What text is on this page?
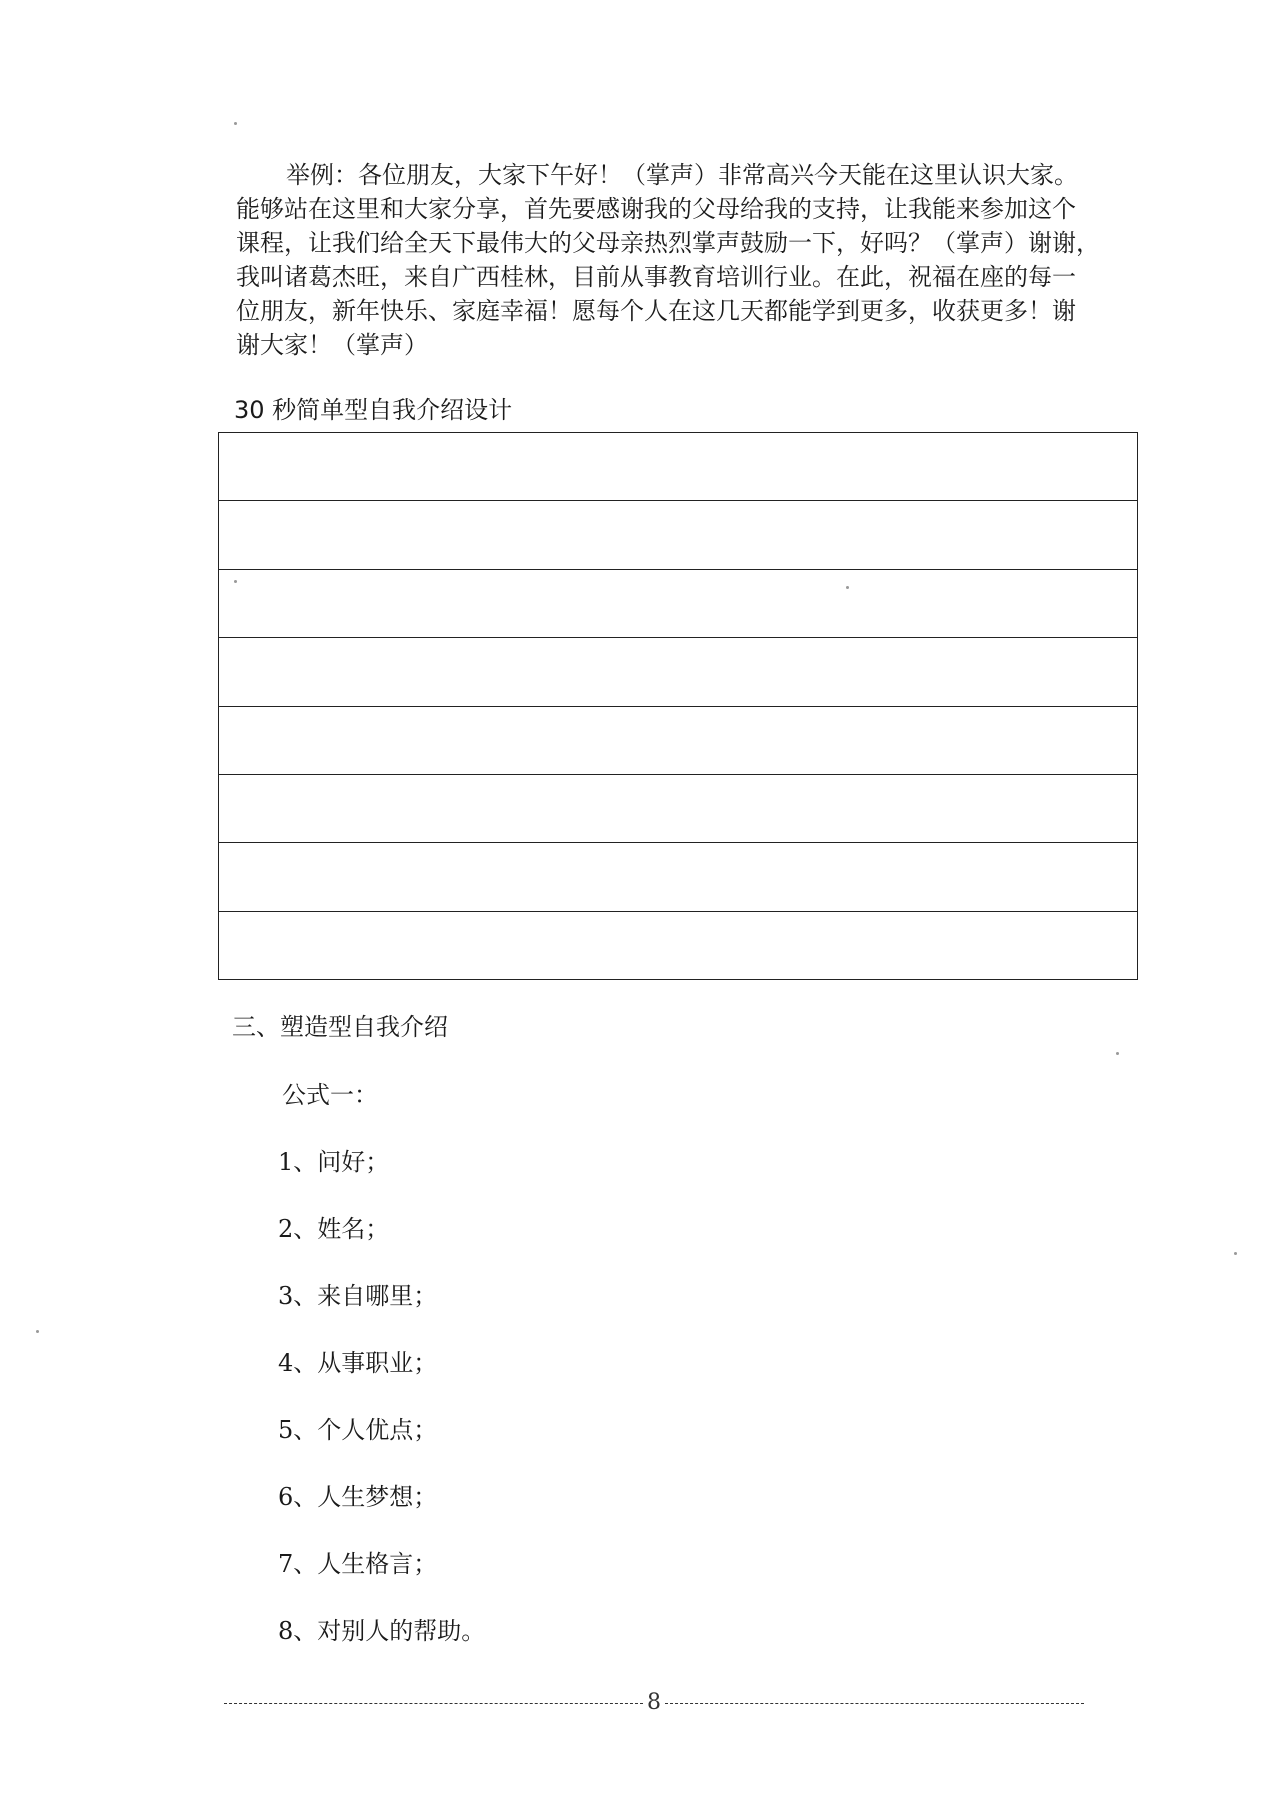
举例：各位朋友，大家下午好！（掌声）非常高兴今天能在这里认识大家。
能够站在这里和大家分享，首先要感谢我的父母给我的支持，让我能来参加这个
课程，让我们给全天下最伟大的父母亲热烈掌声鼓励一下，好吗？（掌声）谢谢，
我叫诸葛杰旺，来自广西桂林，目前从事教育培训行业。在此，祝福在座的每一
位朋友，新年快乐、家庭幸福！愿每个人在这几天都能学到更多，收获更多！谢
谢大家！（掌声）
30 秒简单型自我介绍设计
三、塑造型自我介绍
公式一：
1、问好；
2、姓名；
3、来自哪里；
4、从事职业；
5、个人优点；
6、人生梦想；
7、人生格言；
8、对别人的帮助。
8
